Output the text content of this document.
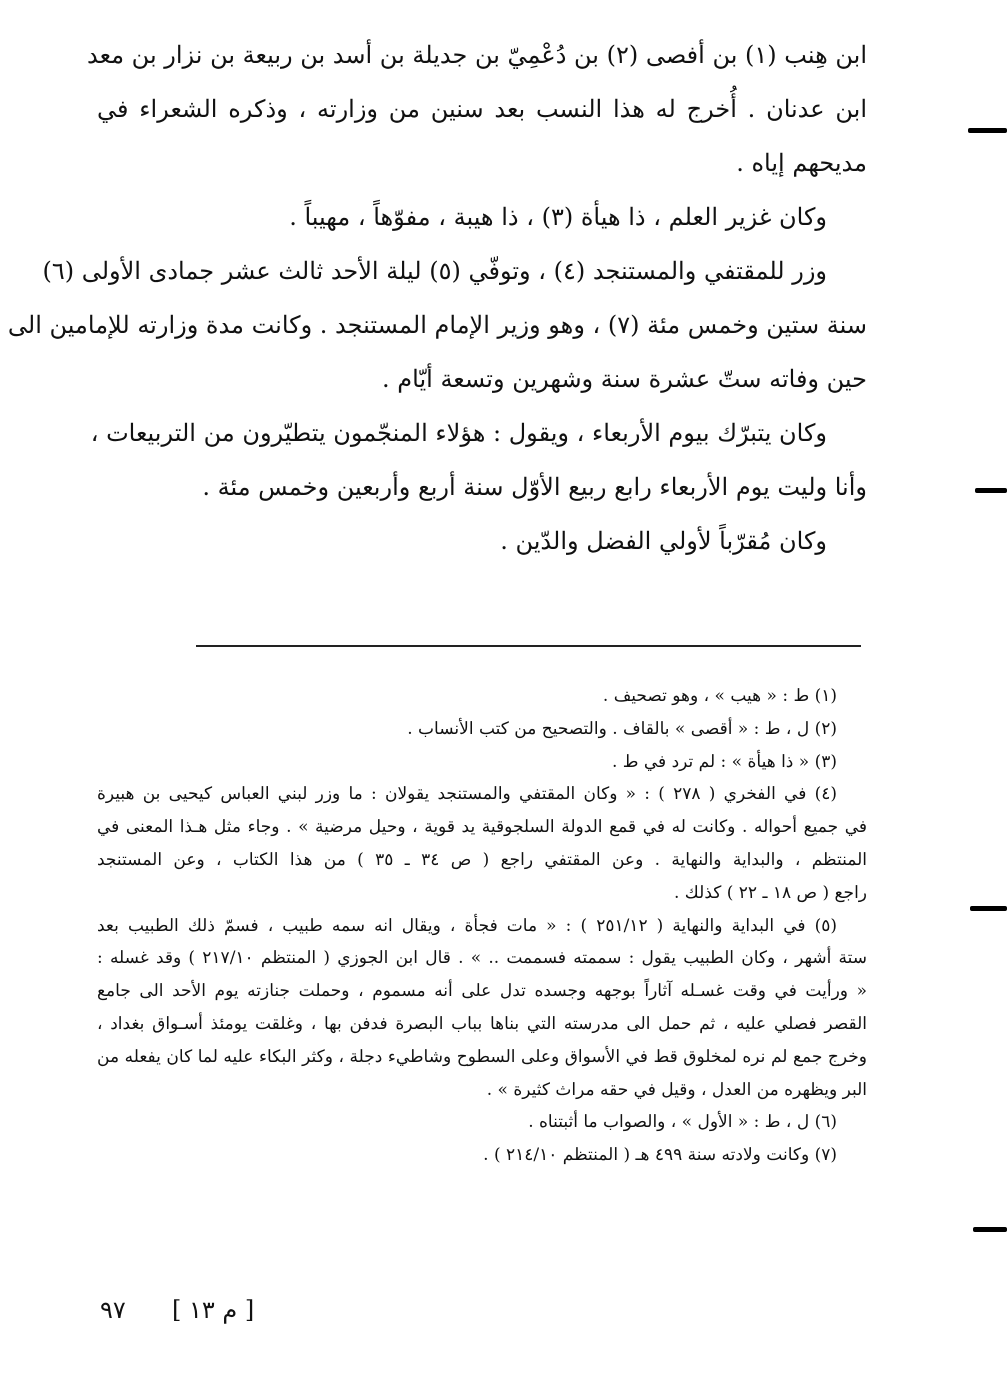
ابن هِنب (١) بن أفصى (٢) بن دُعْمِيّ بن جديلة بن أسد بن ربيعة بن نزار بن معد
ابن عدنان . أُخرج له هذا النسب بعد سنين من وزارته ، وذكره الشعراء في
مديحهم إياه .
وكان غزير العلم ، ذا هيأة (٣) ، ذا هيبة ، مفوّهاً ، مهيباً .
وزر للمقتفي والمستنجد (٤) ، وتوفّي (٥) ليلة الأحد ثالث عشر جمادى الأولى (٦)
سنة ستين وخمس مئة (٧) ، وهو وزير الإمام المستنجد . وكانت مدة وزارته للإمامين الى
حين وفاته ستّ عشرة سنة وشهرين وتسعة أيّام .
وكان يتبرّك بيوم الأربعاء ، ويقول : هؤلاء المنجّمون يتطيّرون من التربيعات ،
وأنا وليت يوم الأربعاء رابع ربيع الأوّل سنة أربع وأربعين وخمس مئة .
وكان مُقرّباً لأولي الفضل والدّين .
(١) ط : « هيب » ، وهو تصحيف .
(٢) ل ، ط : « أقصى » بالقاف . والتصحيح من كتب الأنساب .
(٣) « ذا هيأة » : لم ترد في ط .
(٤) في الفخري ( ٢٧٨ ) : « وكان المقتفي والمستنجد يقولان : ما وزر لبني العباس كيحيى بن هبيرة
في جميع أحواله . وكانت له في قمع الدولة السلجوقية يد قوية ، وحيل مرضية » . وجاء مثل هـذا المعنى في
المنتظم ، والبداية والنهاية . وعن المقتفي راجع ( ص ٣٤ ـ ٣٥ ) من هذا الكتاب ، وعن المستنجد
راجع ( ص ١٨ ـ ٢٢ ) كذلك .
(٥) في البداية والنهاية ( ٢٥١/١٢ ) : « مات فجأة ، ويقال انه سمه طبيب ، فسمّ ذلك الطبيب بعد
ستة أشهر ، وكان الطبيب يقول : سممته فسممت .. » . قال ابن الجوزي ( المنتظم ٢١٧/١٠ ) وقد غسله :
« ورأيت في وقت غسـله آثاراً بوجهه وجسده تدل على أنه مسموم ، وحملت جنازته يوم الأحد الى جامع
القصر فصلي عليه ، ثم حمل الى مدرسته التي بناها بباب البصرة فدفن بها ، وغلقت يومئذ أسـواق بغداد ،
وخرج جمع لم نره لمخلوق قط في الأسواق وعلى السطوح وشاطيء دجلة ، وكثر البكاء عليه لما كان يفعله من
البر ويظهره من العدل ، وقيل في حقه مراث كثيرة » .
(٦) ل ، ط : « الأول » ، والصواب ما أثبتناه .
(٧) وكانت ولادته سنة ٤٩٩ هـ ( المنتظم ٢١٤/١٠ ) .
٩٧	[ م ١٣ ]
